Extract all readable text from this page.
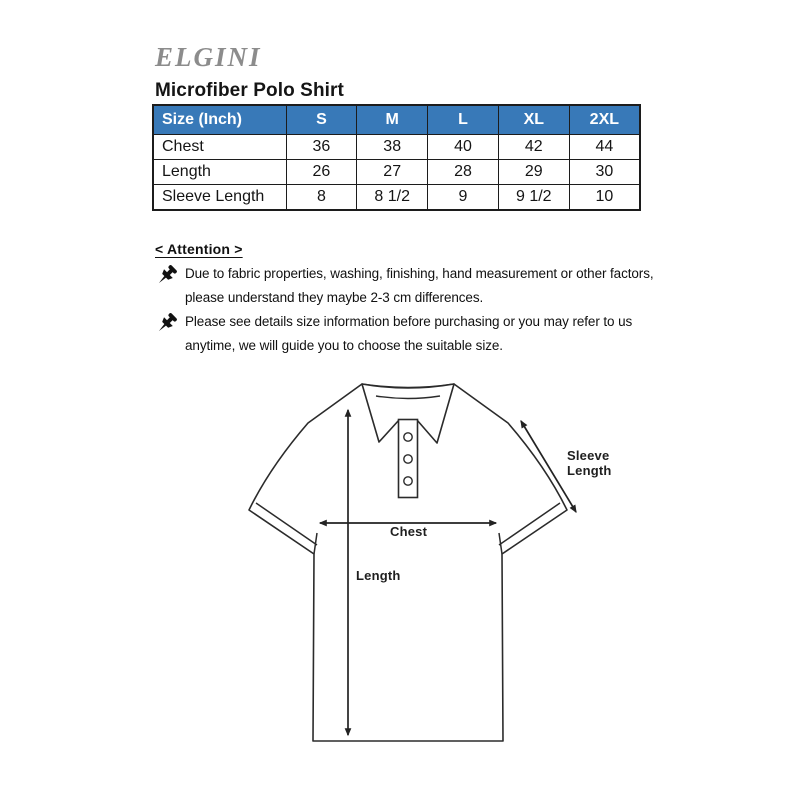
ELGINI
Microfiber Polo Shirt
Size (Inch)	S	M	L	XL	2XL
Chest	36	38	40	42	44
Length	26	27	28	29	30
Sleeve Length	8	8 1/2	9	9 1/2	10
< Attention >
Due to fabric properties, washing, finishing, hand measurement or other factors,
please understand they maybe 2-3 cm differences.
Please see details size information before purchasing or you may refer to us
anytime, we will guide you to choose the suitable size.
Chest
Length
Sleeve
Length
